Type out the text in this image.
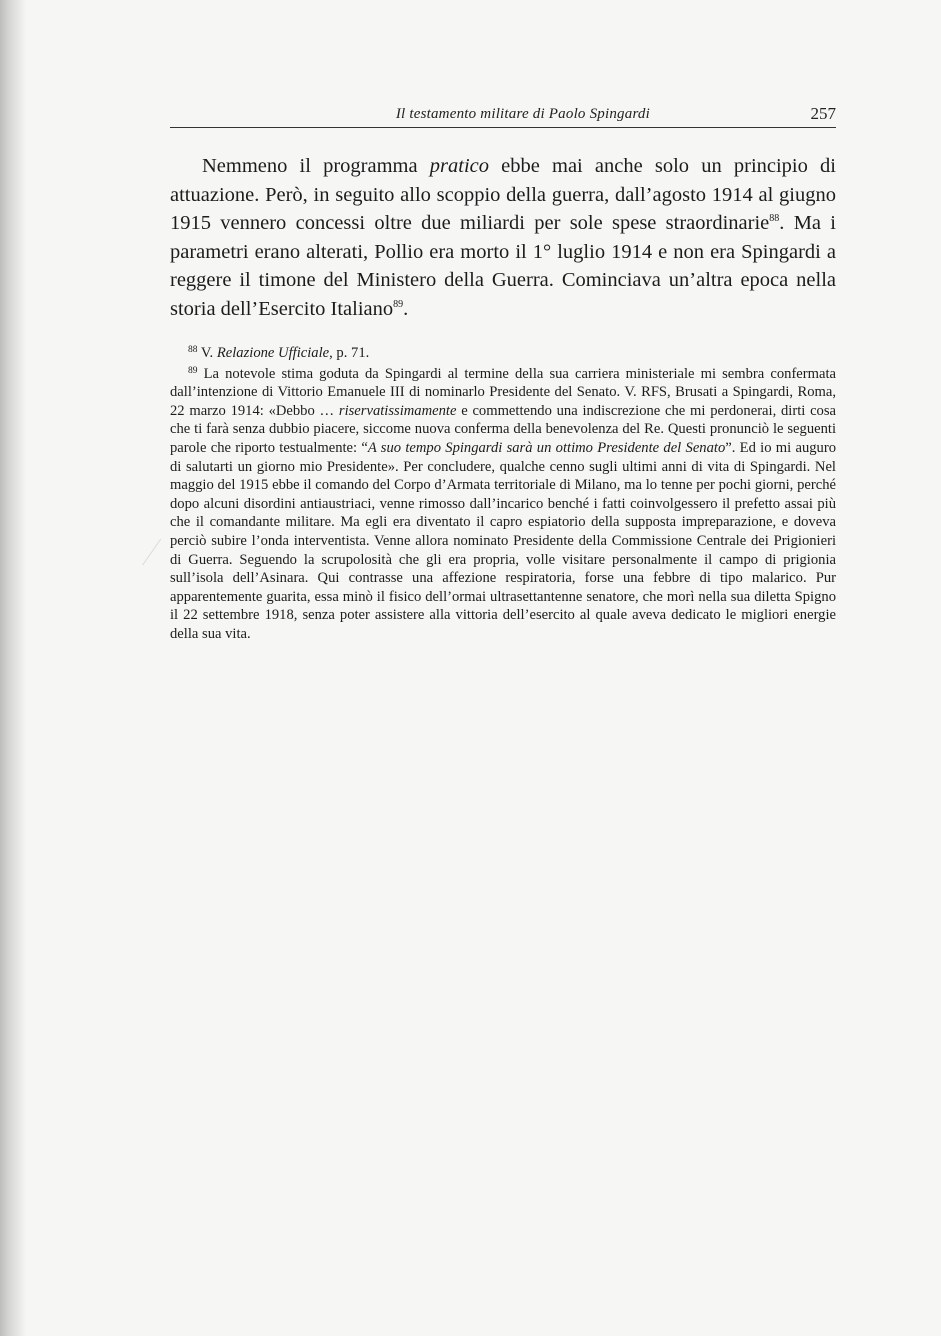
Il testamento militare di Paolo Spingardi	257

Nemmeno il programma pratico ebbe mai anche solo un principio di attuazione. Però, in seguito allo scoppio della guerra, dall’agosto 1914 al giugno 1915 vennero concessi oltre due miliardi per sole spese straordinarie$^{88}$. Ma i parametri erano alterati, Pollio era morto il 1° luglio 1914 e non era Spingardi a reggere il timone del Ministero della Guerra. Cominciava un’altra epoca nella storia dell’Esercito Italiano$^{89}$.

$^{88}$ V. Relazione Ufficiale, p. 71.

$^{89}$ La notevole stima goduta da Spingardi al termine della sua carriera ministeriale mi sembra confermata dall’intenzione di Vittorio Emanuele III di nominarlo Presidente del Senato. V. RFS, Brusati a Spingardi, Roma, 22 marzo 1914: «Debbo … riservatissimamente e commettendo una indiscrezione che mi perdonerai, dirti cosa che ti farà senza dubbio piacere, siccome nuova conferma della benevolenza del Re. Questi pronunciò le seguenti parole che riporto testualmente: “A suo tempo Spingardi sarà un ottimo Presidente del Senato”. Ed io mi auguro di salutarti un giorno mio Presidente». Per concludere, qualche cenno sugli ultimi anni di vita di Spingardi. Nel maggio del 1915 ebbe il comando del Corpo d’Armata territoriale di Milano, ma lo tenne per pochi giorni, perché dopo alcuni disordini antiaustriaci, venne rimosso dall’incarico benché i fatti coinvolgessero il prefetto assai più che il comandante militare. Ma egli era diventato il capro espiatorio della supposta impreparazione, e doveva perciò subire l’onda interventista. Venne allora nominato Presidente della Commissione Centrale dei Prigionieri di Guerra. Seguendo la scrupolosità che gli era propria, volle visitare personalmente il campo di prigionia sull’isola dell’Asinara. Qui contrasse una affezione respiratoria, forse una febbre di tipo malarico. Pur apparentemente guarita, essa minò il fisico dell’ormai ultrasettantenne senatore, che morì nella sua diletta Spigno il 22 settembre 1918, senza poter assistere alla vittoria dell’esercito al quale aveva dedicato le migliori energie della sua vita.
